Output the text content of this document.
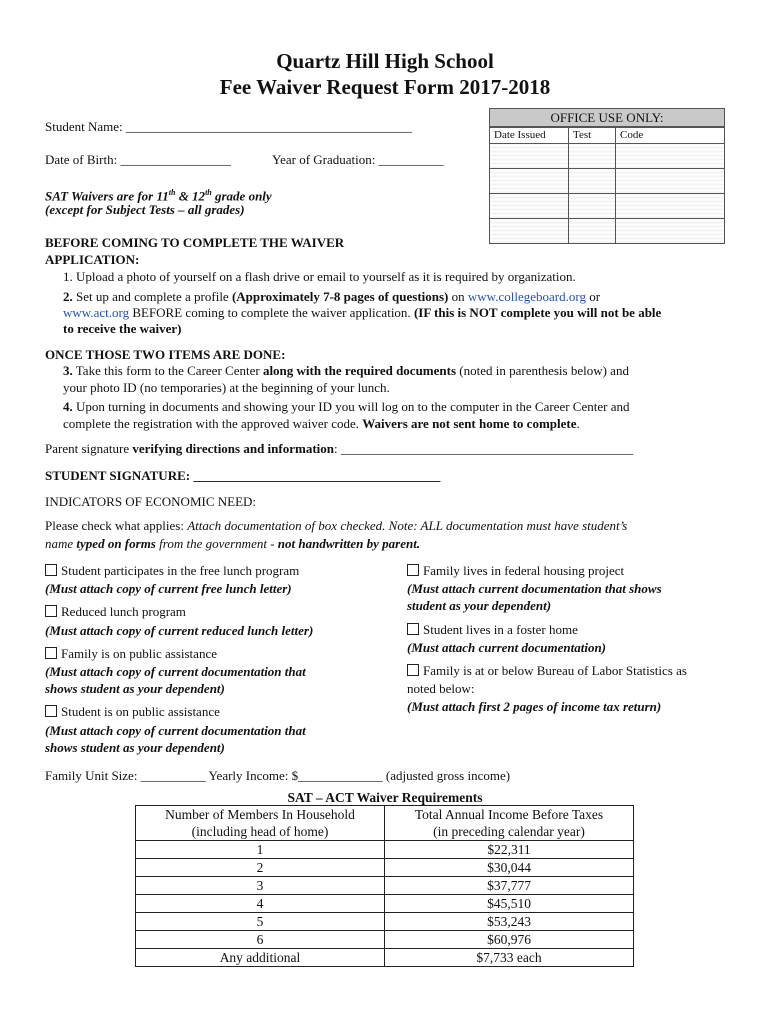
Quartz Hill High School
Fee Waiver Request Form 2017-2018
OFFICE USE ONLY:
Date Issued	Test	Code

Student Name: ____________________________________________
Date of Birth: _________________	Year of Graduation: __________
SAT Waivers are for 11th & 12th grade only
(except for Subject Tests – all grades)
BEFORE COMING TO COMPLETE THE WAIVER
APPLICATION:
1. Upload a photo of yourself on a flash drive or email to yourself as it is required by organization.
2. Set up and complete a profile (Approximately 7-8 pages of questions) on www.collegeboard.org or
www.act.org BEFORE coming to complete the waiver application. (IF this is NOT complete you will not be able
to receive the waiver)
ONCE THOSE TWO ITEMS ARE DONE:
3. Take this form to the Career Center along with the required documents (noted in parenthesis below) and
your photo ID (no temporaries) at the beginning of your lunch.
4. Upon turning in documents and showing your ID you will log on to the computer in the Career Center and
complete the registration with the approved waiver code. Waivers are not sent home to complete.
Parent signature verifying directions and information: _____________________________________________
STUDENT SIGNATURE: ______________________________________
INDICATORS OF ECONOMIC NEED:
Please check what applies: Attach documentation of box checked. Note: ALL documentation must have student’s
name typed on forms from the government - not handwritten by parent.
Student participates in the free lunch program
(Must attach copy of current free lunch letter)
Reduced lunch program
(Must attach copy of current reduced lunch letter)
Family is on public assistance
(Must attach copy of current documentation that
shows student as your dependent)
Student is on public assistance
(Must attach copy of current documentation that
shows student as your dependent)
Family lives in federal housing project
(Must attach current documentation that shows
student as your dependent)
Student lives in a foster home
(Must attach current documentation)
Family is at or below Bureau of Labor Statistics as
noted below:
(Must attach first 2 pages of income tax return)
Family Unit Size: __________ Yearly Income: $_____________ (adjusted gross income)
SAT – ACT Waiver Requirements
Number of Members In Household
(including head of home)	Total Annual Income Before Taxes
(in preceding calendar year)
1	$22,311
2	$30,044
3	$37,777
4	$45,510
5	$53,243
6	$60,976
Any additional	$7,733 each
